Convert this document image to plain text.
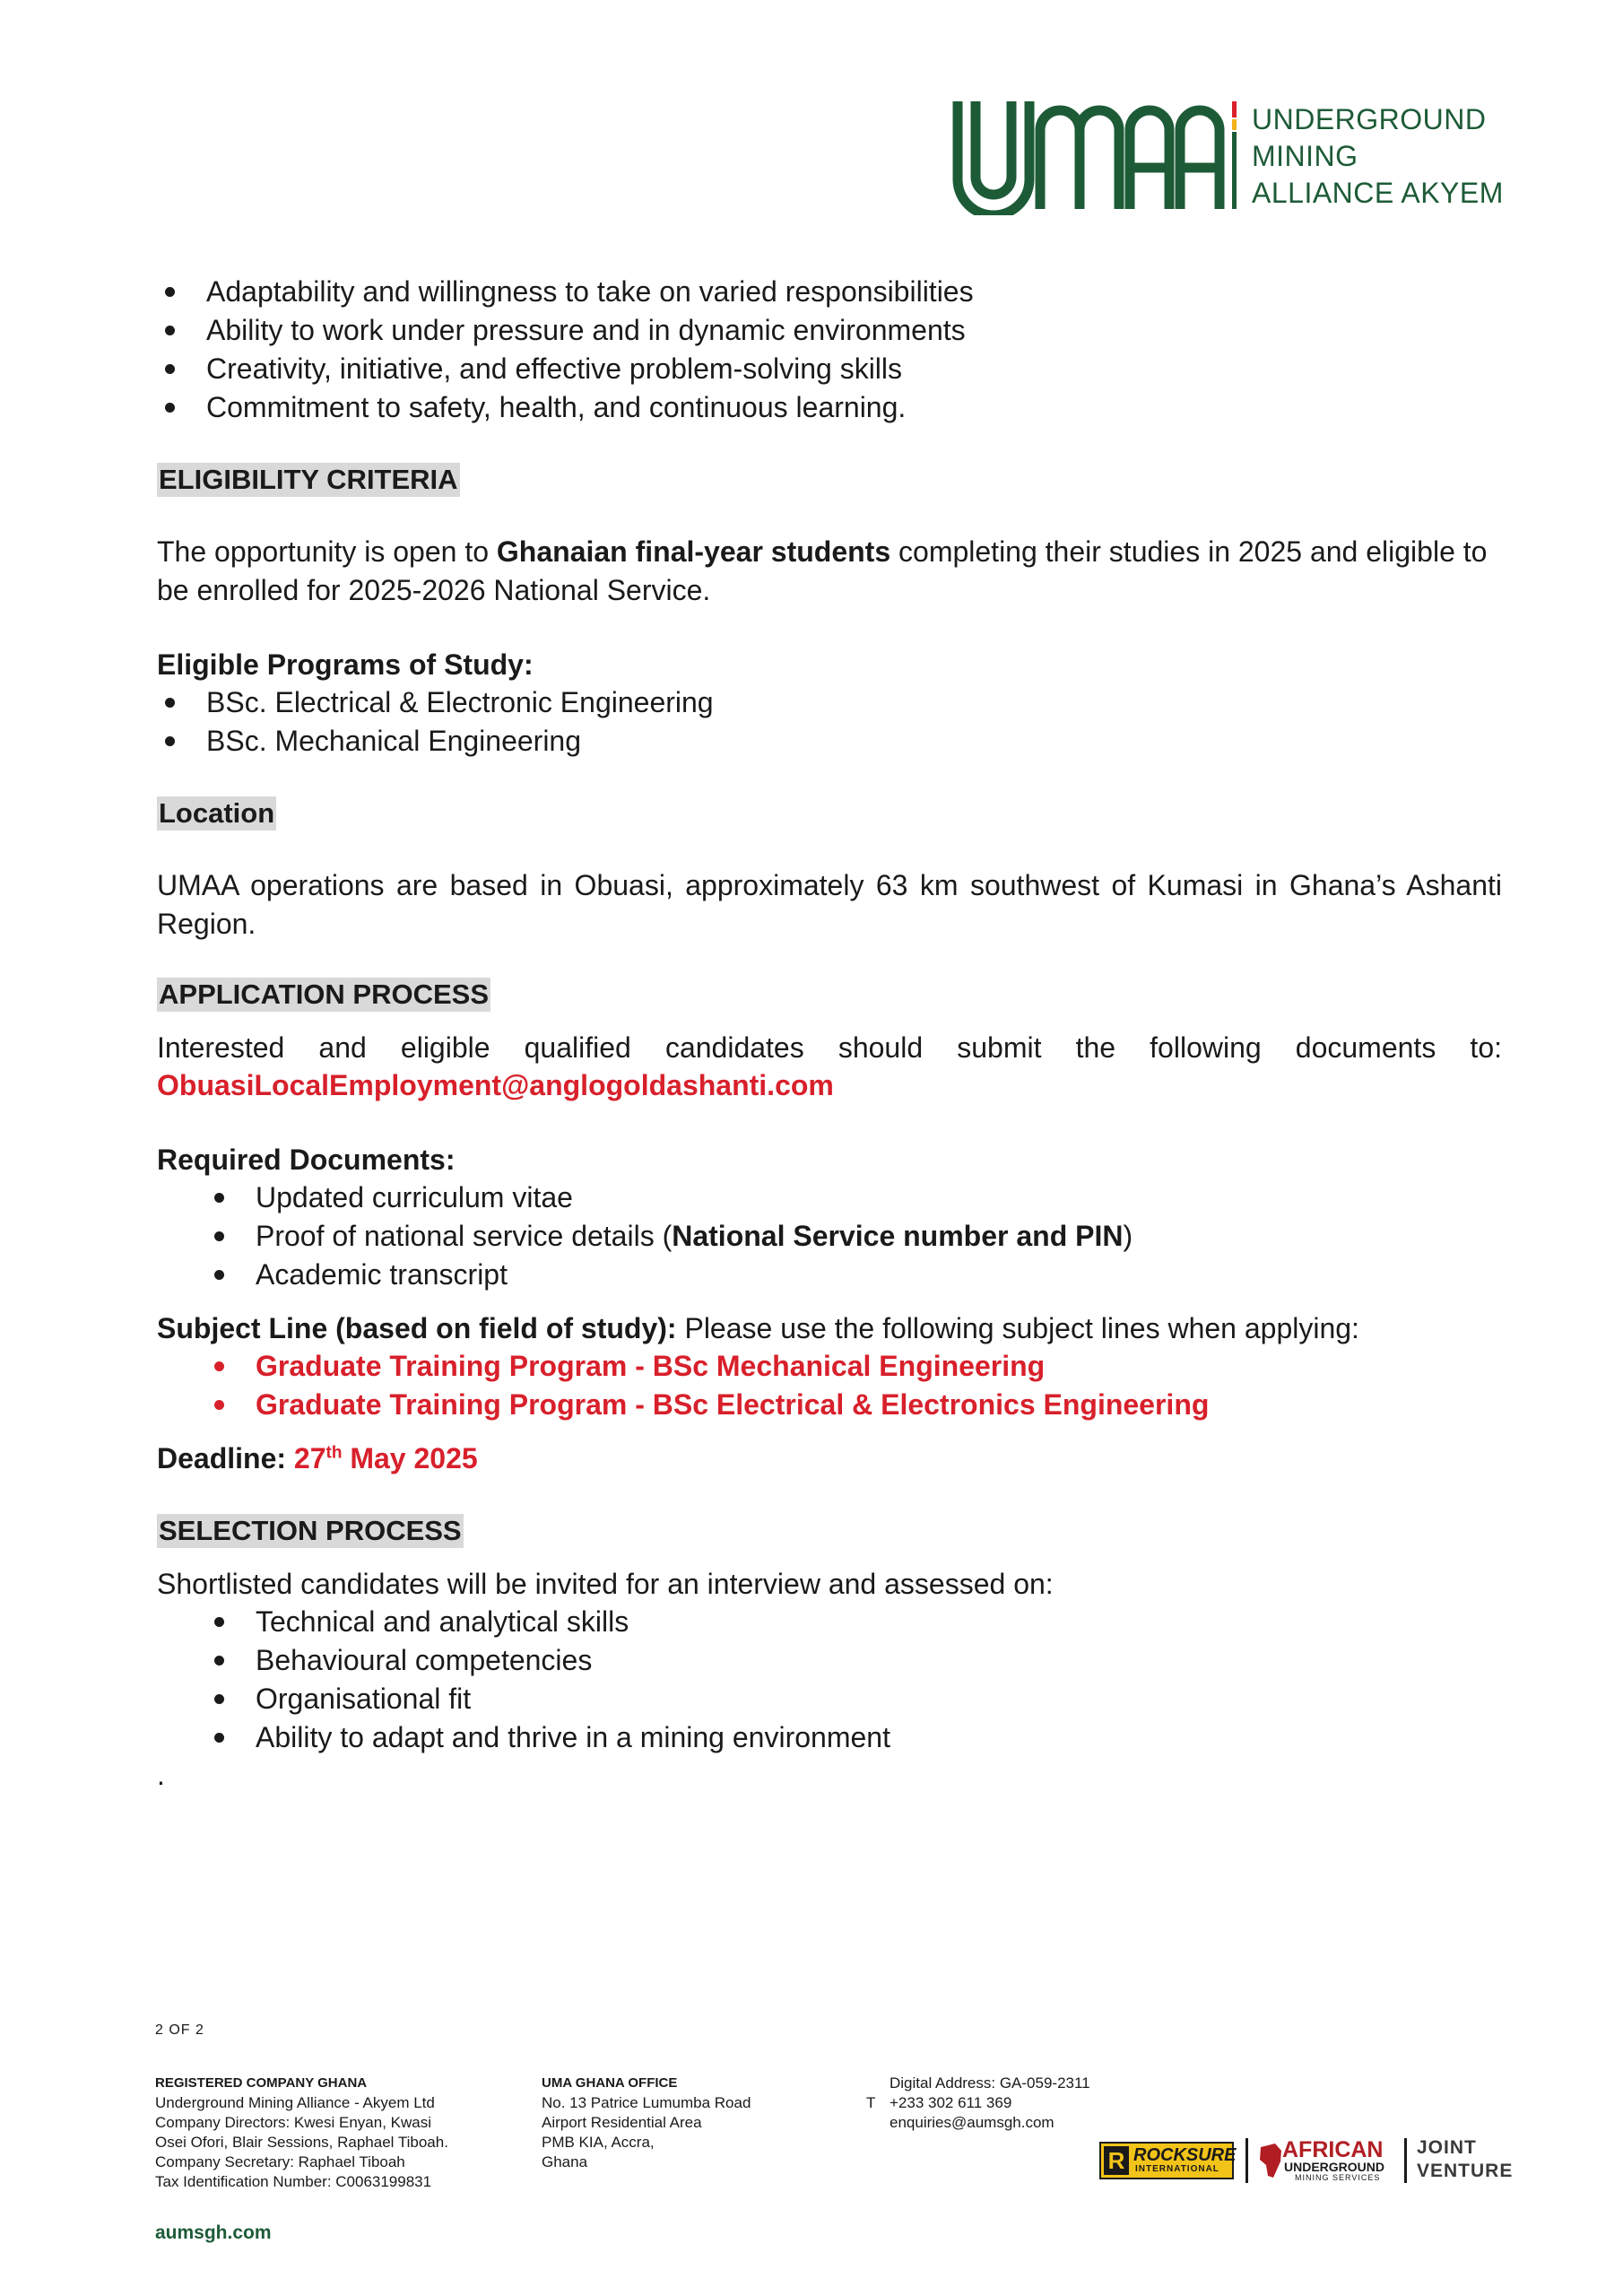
UNDERGROUND
MINING
ALLIANCE AKYEM
Adaptability and willingness to take on varied responsibilities
Ability to work under pressure and in dynamic environments
Creativity, initiative, and effective problem-solving skills
Commitment to safety, health, and continuous learning.
ELIGIBILITY CRITERIA
The opportunity is open to Ghanaian final-year students completing their studies in 2025 and eligible to be enrolled for 2025-2026 National Service.
Eligible Programs of Study:
BSc. Electrical & Electronic Engineering
BSc. Mechanical Engineering
Location
UMAA operations are based in Obuasi, approximately 63 km southwest of Kumasi in Ghana’s Ashanti Region.
APPLICATION PROCESS
Interested and eligible qualified candidates should submit the following documents to:
ObuasiLocalEmployment@anglogoldashanti.com
Required Documents:
Updated curriculum vitae
Proof of national service details (National Service number and PIN)
Academic transcript
Subject Line (based on field of study): Please use the following subject lines when applying:
Graduate Training Program - BSc Mechanical Engineering
Graduate Training Program - BSc Electrical & Electronics Engineering
Deadline: 27th May 2025
SELECTION PROCESS
Shortlisted candidates will be invited for an interview and assessed on:
Technical and analytical skills
Behavioural competencies
Organisational fit
Ability to adapt and thrive in a mining environment
.
2 OF 2
REGISTERED COMPANY GHANA
Underground Mining Alliance - Akyem Ltd
Company Directors: Kwesi Enyan, Kwasi
Osei Ofori, Blair Sessions, Raphael Tiboah.
Company Secretary: Raphael Tiboah
Tax Identification Number: C0063199831
UMA GHANA OFFICE
No. 13 Patrice Lumumba Road
Airport Residential Area
PMB KIA, Accra,
Ghana
Digital Address: GA-059-2311
T +233 302 611 369
enquiries@aumsgh.com
R ROCKSURE
INTERNATIONAL
AFRICAN
UNDERGROUND
MINING SERVICES
JOINT
VENTURE
aumsgh.com
